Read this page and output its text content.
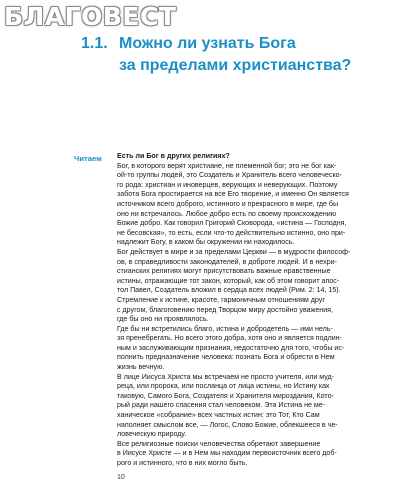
БЛАГОВЕСТ
1.1. Можно ли узнать Бога
за пределами христианства?
Читаем Есть ли Бог в других религиях?
Бог, в которого верят христиане, не племенной бог; это не бог как-
ой-то группы людей, это Создатель и Хранитель всего человеческо-
го рода: христиан и иноверцев, верующих и неверующих. Поэтому
забота Бога простирается на все Его творение, и именно Он является
источником всего доброго, истинного и прекрасного в мире, где бы
оно ни встречалось. Любое добро есть по своему происхождению
Божие добро. Как говорил Григорий Сковорода, «истина — Господня,
не бесовская», то есть, если что-то действительно истинно, оно при-
надлежит Богу, в каком бы окружении ни находилось.
Бог действует в мире и за пределами Церкви — в мудрости философ-
ов, в справедливости законодателей, в доброте людей. И в нехри-
стианских религиях могут присутствовать важные нравственные
истины, отражающие тот закон, который, как об этом говорит апос-
тол Павел, Создатель вложил в сердца всех людей (Рим. 2: 14, 15).
Стремление к истине, красоте, гармоничным отношениям друг
с другом, благоговению перед Творцом миру достойно уважения,
где бы оно ни проявлялось.
Где бы ни встретились благо, истина и добродетель — ими нель-
зя пренебрегать. Но всего этого добра, хотя оно и является подлин-
ным и заслуживающим признания, недостаточно для того, чтобы ис-
полнить предназначение человека: познать Бога и обрести в Нем
жизнь вечную.
В лице Иисуса Христа мы встречаем не просто учителя, или муд-
реца, или пророка, или посланца от лица истины, но Истину как
таковую, Самого Бога, Создателя и Хранителя мироздания, Кото-
рый ради нашего спасения стал человеком. Эта Истина не ме-
ханическое «собрание» всех частных истин: это Тот, Кто Сам
наполняет смыслом все, — Логос, Слово Божие, облекшееся в че-
ловеческую природу.
Все религиозные поиски человечества обретают завершение
в Иисусе Христе — и в Нем мы находим первоисточник всего доб-
рого и истинного, что в них могло быть.
10
